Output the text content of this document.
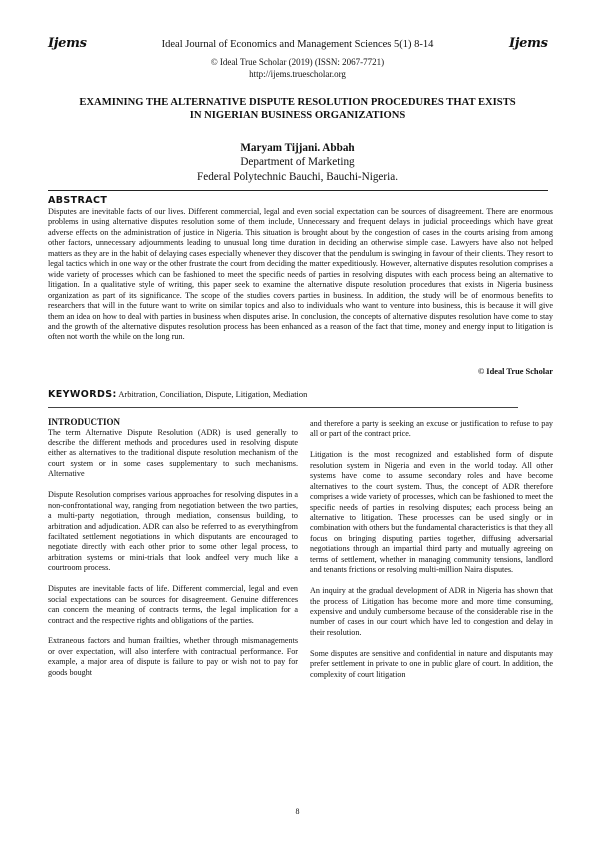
Ijems	Ideal Journal of Economics and Management Sciences 5(1) 8-14	Ijems
© Ideal True Scholar (2019) (ISSN: 2067-7721)
http://ijems.truescholar.org
EXAMINING THE ALTERNATIVE DISPUTE RESOLUTION PROCEDURES THAT EXISTS
IN NIGERIAN BUSINESS ORGANIZATIONS
Maryam Tijjani. Abbah
Department of Marketing
Federal Polytechnic Bauchi, Bauchi-Nigeria.
ABSTRACT

Disputes are inevitable facts of our lives. Different commercial, legal and even social expectation can be sources of disagreement. There are enormous problems in using alternative disputes resolution some of them include, Unnecessary and frequent delays in judicial proceedings which have great adverse effects on the administration of justice in Nigeria. This situation is brought about by the congestion of cases in the courts arising from among other factors, unnecessary adjournments leading to unusual long time duration in deciding an otherwise simple case. Lawyers have also not helped matters as they are in the habit of delaying cases especially whenever they discover that the pendulum is swinging in favour of their clients. They resort to legal tactics which in one way or the other frustrate the court from deciding the matter expeditiously. However, alternative disputes resolution comprises a wide variety of processes which can be fashioned to meet the specific needs of parties in resolving disputes with each process being an alternative to litigation. In a qualitative style of writing, this paper seek to examine the alternative dispute resolution procedures that exists in Nigeria business organization as part of its significance. The scope of the studies covers parties in business. In addition, the study will be of enormous benefits to researchers that will in the future want to write on similar topics and also to individuals who want to venture into business, this is because it will give them an idea on how to deal with parties in business when disputes arise. In conclusion, the concepts of alternative disputes resolution have come to stay and the growth of the alternative disputes resolution process has been enhanced as a reason of the fact that time, money and energy input to litigation is often not worth the while on the long run.

© Ideal True Scholar
KEYWORDS: Arbitration, Conciliation, Dispute, Litigation, Mediation
INTRODUCTION

The term Alternative Dispute Resolution (ADR) is used generally to describe the different methods and procedures used in resolving dispute either as alternatives to the traditional dispute resolution mechanism of the court system or in some cases supplementary to such mechanisms. Alternative

Dispute Resolution comprises various approaches for resolving disputes in a non-confrontational way, ranging from negotiation between the two parties, a multi-party negotiation, through mediation, consensus building, to arbitration and adjudication. ADR can also be referred to as everythingfrom faciltated settlement negotiations in which disputants are encouraged to negotiate directly with each other prior to some other legal process, to arbitration systems or mini-trials that look andfeel very much like a courtroom process.

Disputes are inevitable facts of life. Different commercial, legal and even social expectations can be sources for disagreement. Genuine differences can concern the meaning of contracts terms, the legal implication for a contract and the respective rights and obligations of the parties.

Extraneous factors and human frailties, whether through mismanagements or over expectation, will also interfere with contractual performance. For example, a major area of dispute is failure to pay or wish not to pay for goods bought

and therefore a party is seeking an excuse or justification to refuse to pay all or part of the contract price.

Litigation is the most recognized and established form of dispute resolution system in Nigeria and even in the world today. All other systems have come to assume secondary roles and have become alternatives to the court system. Thus, the concept of ADR therefore comprises a wide variety of processes, which can be fashioned to meet the specific needs of parties in resolving disputes; each process being an alternative to litigation. These processes can be used singly or in combination with others but the fundamental characteristics is that they all focus on bringing disputing parties together, diffusing adversarial negotiations through an impartial third party and mutually agreeing on terms of settlement, whether in managing community tensions, landlord and tenants frictions or resolving multi-million Naira disputes.

An inquiry at the gradual development of ADR in Nigeria has shown that the process of Litigation has become more and more time consuming, expensive and unduly cumbersome because of the considerable rise in the number of cases in our court which have led to congestion and delay in their resolution.

Some disputes are sensitive and confidential in nature and disputants may prefer settlement in private to one in public glare of court. In addition, the complexity of court litigation

8
